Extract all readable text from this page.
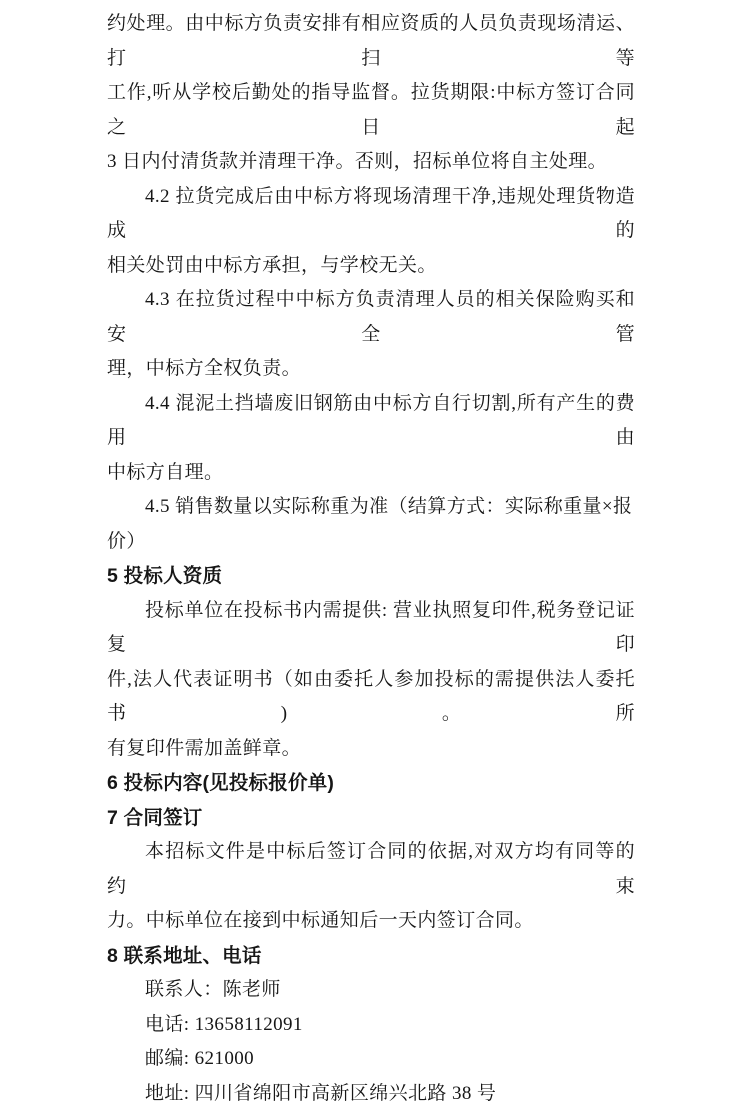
约处理。由中标方负责安排有相应资质的人员负责现场清运、打扫等
工作,听从学校后勤处的指导监督。拉货期限:中标方签订合同之日起
3 日内付清货款并清理干净。否则，招标单位将自主处理。
4.2 拉货完成后由中标方将现场清理干净,违规处理货物造成的
相关处罚由中标方承担，与学校无关。
4.3 在拉货过程中中标方负责清理人员的相关保险购买和安全管
理，中标方全权负责。
4.4 混泥土挡墙废旧钢筋由中标方自行切割,所有产生的费用由
中标方自理。
4.5 销售数量以实际称重为准（结算方式：实际称重量×报价）
5 投标人资质
投标单位在投标书内需提供: 营业执照复印件,税务登记证复印
件,法人代表证明书（如由委托人参加投标的需提供法人委托书)。所
有复印件需加盖鲜章。
6 投标内容(见投标报价单)
7 合同签订
本招标文件是中标后签订合同的依据,对双方均有同等的约束
力。中标单位在接到中标通知后一天内签订合同。
8 联系地址、电话
联系人：陈老师
电话: 13658112091
邮编: 621000
地址: 四川省绵阳市高新区绵兴北路 38 号
